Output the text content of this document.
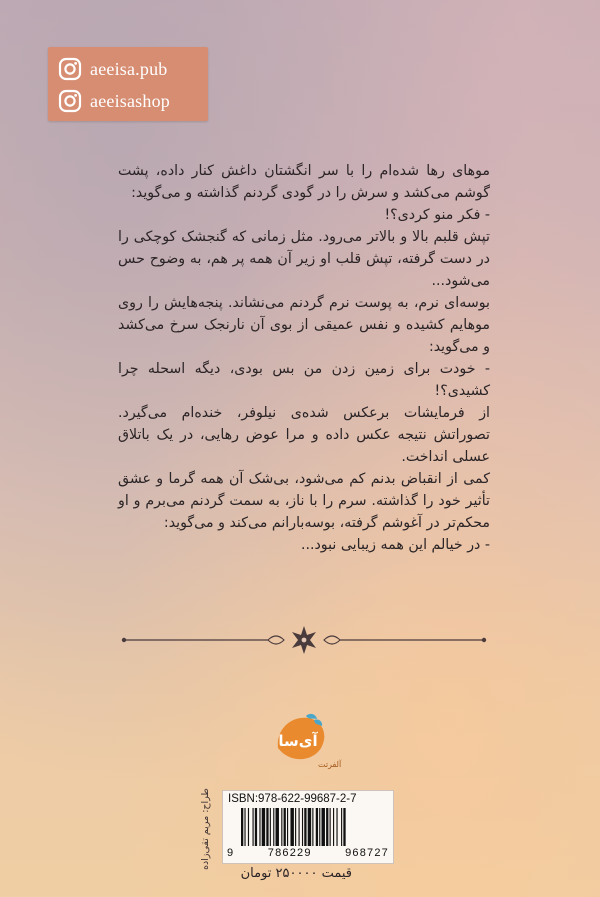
aeeisa.pub
aeeisashop

موهای رها شده‌ام را با سر انگشتان داغش کنار داده، پشت گوشم می‌کشد و سرش را در گودی گردنم گذاشته و می‌گوید:

- فکر منو کردی؟!

تپش قلبم بالا و بالاتر می‌رود. مثل زمانی که گنجشک کوچکی را در دست گرفته، تپش قلب او زیر آن همه پر هم، به وضوح حس می‌شود...

بوسه‌ای نرم، به پوست نرم گردنم می‌نشاند. پنجه‌هایش را روی موهایم کشیده و نفس عمیقی از بوی آن نارنجک سرخ می‌کشد و می‌گوید:

- خودت برای زمین زدن من بس بودی، دیگه اسحله چرا کشیدی؟!

از فرمایشات برعکس شده‌ی نیلوفر، خنده‌ام می‌گیرد. تصوراتش نتیجه عکس داده و مرا عوض رهایی، در یک باتلاق عسلی انداخت.

کمی از انقباض بدنم کم می‌شود، بی‌شک آن همه گرما و عشق تأثیر خود را گذاشته. سرم را با ناز، به سمت گردنم می‌برم و او محکم‌تر در آغوشم گرفته، بوسه‌بارانم می‌کند و می‌گوید:

- در خیالم این همه زیبایی نبود...

آی‌سا
آلفرتت
طراح: مریم تقی‌زاده ISBN:978-622-99687-2-7
9	786229	968727
قیمت ۲۵۰۰۰۰ تومان
